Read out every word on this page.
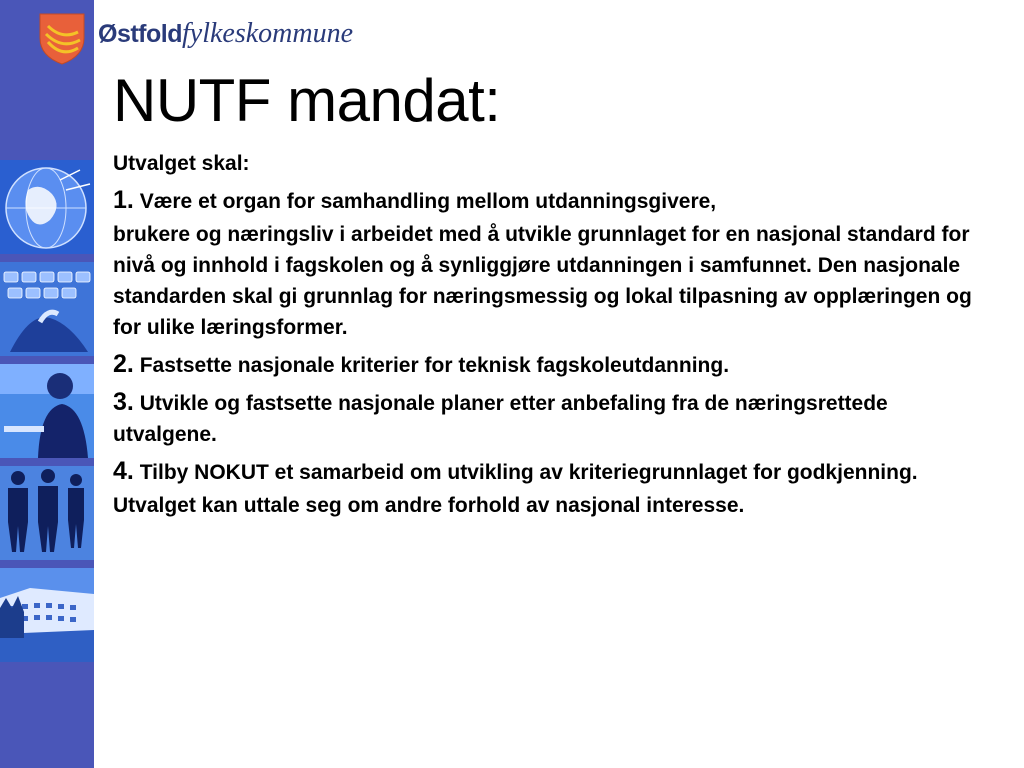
Østfoldfylkeskommune
NUTF mandat:

Utvalget skal:

1. Være et organ for samhandling mellom utdanningsgivere,

brukere og næringsliv i arbeidet med å utvikle grunnlaget for en nasjonal standard for nivå og innhold i fagskolen og å synliggjøre utdanningen i samfunnet. Den nasjonale standarden skal gi grunnlag for næringsmessig og lokal tilpasning av opplæringen og for ulike læringsformer.

2. Fastsette nasjonale kriterier for teknisk fagskoleutdanning.

3. Utvikle og fastsette nasjonale planer etter anbefaling fra de næringsrettede utvalgene.

4. Tilby NOKUT et samarbeid om utvikling av kriteriegrunnlaget for godkjenning.

Utvalget kan uttale seg om andre forhold av nasjonal interesse.
